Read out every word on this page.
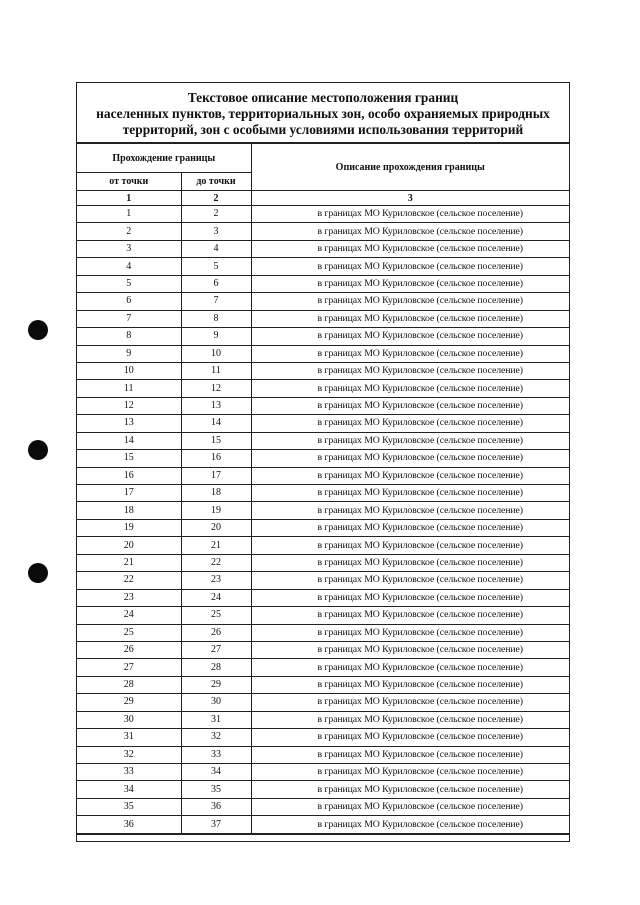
Текстовое описание местоположения границ
населенных пунктов, территориальных зон, особо охраняемых природных
территорий, зон с особыми условиями использования территорий
Прохождение границы		Описание прохождения границы
от точки	до точки	
1	2	3
1	2	в границах МО Куриловское (сельское поселение)
2	3	в границах МО Куриловское (сельское поселение)
3	4	в границах МО Куриловское (сельское поселение)
4	5	в границах МО Куриловское (сельское поселение)
5	6	в границах МО Куриловское (сельское поселение)
6	7	в границах МО Куриловское (сельское поселение)
7	8	в границах МО Куриловское (сельское поселение)
8	9	в границах МО Куриловское (сельское поселение)
9	10	в границах МО Куриловское (сельское поселение)
10	11	в границах МО Куриловское (сельское поселение)
11	12	в границах МО Куриловское (сельское поселение)
12	13	в границах МО Куриловское (сельское поселение)
13	14	в границах МО Куриловское (сельское поселение)
14	15	в границах МО Куриловское (сельское поселение)
15	16	в границах МО Куриловское (сельское поселение)
16	17	в границах МО Куриловское (сельское поселение)
17	18	в границах МО Куриловское (сельское поселение)
18	19	в границах МО Куриловское (сельское поселение)
19	20	в границах МО Куриловское (сельское поселение)
20	21	в границах МО Куриловское (сельское поселение)
21	22	в границах МО Куриловское (сельское поселение)
22	23	в границах МО Куриловское (сельское поселение)
23	24	в границах МО Куриловское (сельское поселение)
24	25	в границах МО Куриловское (сельское поселение)
25	26	в границах МО Куриловское (сельское поселение)
26	27	в границах МО Куриловское (сельское поселение)
27	28	в границах МО Куриловское (сельское поселение)
28	29	в границах МО Куриловское (сельское поселение)
29	30	в границах МО Куриловское (сельское поселение)
30	31	в границах МО Куриловское (сельское поселение)
31	32	в границах МО Куриловское (сельское поселение)
32	33	в границах МО Куриловское (сельское поселение)
33	34	в границах МО Куриловское (сельское поселение)
34	35	в границах МО Куриловское (сельское поселение)
35	36	в границах МО Куриловское (сельское поселение)
36	37	в границах МО Куриловское (сельское поселение)
